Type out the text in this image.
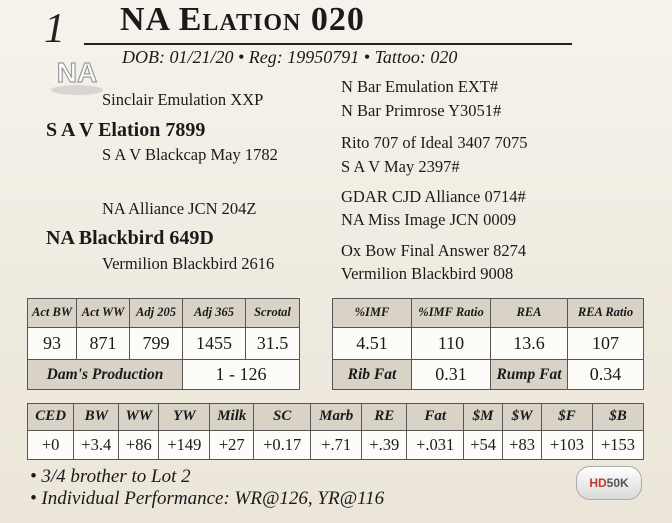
1 NA Elation 020
DOB: 01/21/20 • Reg: 19950791 • Tattoo: 020
NA
Sinclair Emulation XXP
S A V Elation 7899
S A V Blackcap May 1782
NA Alliance JCN 204Z
NA Blackbird 649D
Vermilion Blackbird 2616
N Bar Emulation EXT#
N Bar Primrose Y3051#
Rito 707 of Ideal 3407 7075
S A V May 2397#
GDAR CJD Alliance 0714#
NA Miss Image JCN 0009
Ox Bow Final Answer 8274
Vermilion Blackbird 9008
Act BW	Act WW	Adj 205	Adj 365	Scrotal
93	871	799	1455	31.5
Dam's Production			1 - 126	
%IMF	%IMF Ratio	REA	REA Ratio
4.51	110	13.6	107
Rib Fat	0.31	Rump Fat	0.34
CED	BW	WW	YW	Milk	SC	Marb	RE	Fat	$M	$W	$F	$B
+0	+3.4	+86	+149	+27	+0.17	+.71	+.39	+.031	+54	+83	+103	+153
• 3/4 brother to Lot 2
• Individual Performance: WR@126, YR@116
HD 50K
